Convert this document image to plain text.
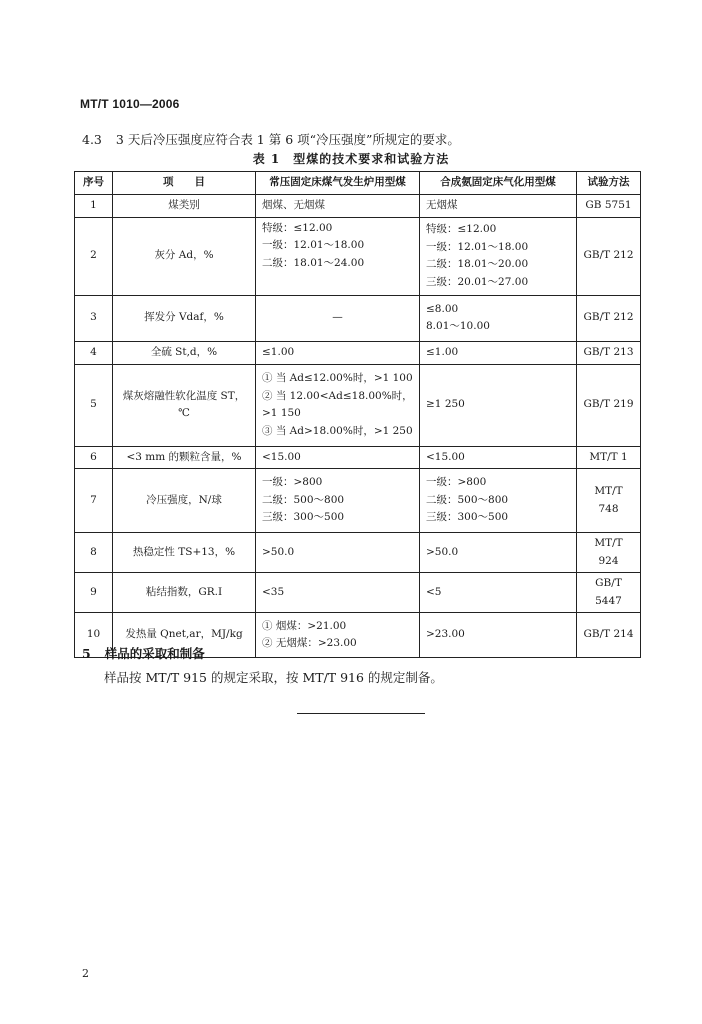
MT/T 1010—2006
4.3 3 天后冷压强度应符合表 1 第 6 项“冷压强度”所规定的要求。
表 1　型煤的技术要求和试验方法
序号	项　　目	常压固定床煤气发生炉用型煤	合成氨固定床气化用型煤	试验方法
1	煤类别	烟煤、无烟煤	无烟煤	GB 5751
2	灰分 Ad，%	特级：≤12.00
一级：12.01～18.00
二级：18.01～24.00	特级：≤12.00
一级：12.01～18.00
二级：18.01～20.00
三级：20.01～27.00	GB/T 212
3	挥发分 Vdaf，%	—	≤8.00
8.01～10.00	GB/T 212
4	全硫 St,d，%	≤1.00	≤1.00	GB/T 213
5	煤灰熔融性软化温度 ST，℃	① 当 Ad≤12.00%时，>1 100
② 当 12.00<Ad≤18.00%时，
>1 150
③ 当 Ad>18.00%时，>1 250	≥1 250	GB/T 219
6	<3 mm 的颗粒含量，%	<15.00	<15.00	MT/T 1
7	冷压强度，N/球	一级：>800
二级：500～800
三级：300～500	一级：>800
二级：500～800
三级：300～500	MT/T 748
8	热稳定性 TS+13，%	>50.0	>50.0	MT/T 924
9	粘结指数，GR.I	<35	<5	GB/T 5447
10	发热量 Qnet,ar，MJ/kg	① 烟煤：>21.00
② 无烟煤：>23.00	>23.00	GB/T 214
5 样品的采取和制备
样品按 MT/T 915 的规定采取，按 MT/T 916 的规定制备。
2
